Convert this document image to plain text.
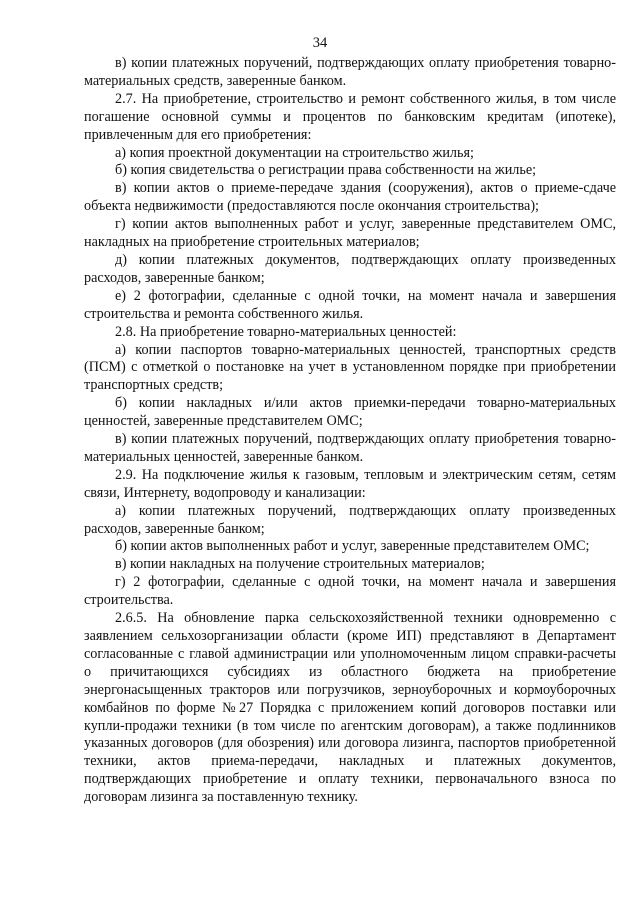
34

в) копии платежных поручений, подтверждающих оплату приобретения товарно-материальных средств, заверенные банком.

2.7. На приобретение, строительство и ремонт собственного жилья, в том числе погашение основной суммы и процентов по банковским кредитам (ипотеке), привлеченным для его приобретения:

а) копия проектной документации на строительство жилья;

б) копия свидетельства о регистрации права собственности на жилье;

в) копии актов о приеме-передаче здания (сооружения), актов о приеме-сдаче объекта недвижимости (предоставляются после окончания строительства);

г) копии актов выполненных работ и услуг, заверенные представителем ОМС, накладных на приобретение строительных материалов;

д) копии платежных документов, подтверждающих оплату произведенных расходов, заверенные банком;

е) 2 фотографии, сделанные с одной точки, на момент начала и завершения строительства и ремонта собственного жилья.

2.8. На приобретение товарно-материальных ценностей:

а) копии паспортов товарно-материальных ценностей, транспортных средств (ПСМ) с отметкой о постановке на учет в установленном порядке при приобретении транспортных средств;

б) копии накладных и/или актов приемки-передачи товарно-материальных ценностей, заверенные представителем ОМС;

в) копии платежных поручений, подтверждающих оплату приобретения товарно-материальных ценностей, заверенные банком.

2.9. На подключение жилья к газовым, тепловым и электрическим сетям, сетям связи, Интернету, водопроводу и канализации:

а) копии платежных поручений, подтверждающих оплату произведенных расходов, заверенные банком;

б) копии актов выполненных работ и услуг, заверенные представителем ОМС;

в) копии накладных на получение строительных материалов;

г) 2 фотографии, сделанные с одной точки, на момент начала и завершения строительства.

2.6.5. На обновление парка сельскохозяйственной техники одновременно с заявлением сельхозорганизации области (кроме ИП) представляют в Департамент согласованные с главой администрации или уполномоченным лицом справки-расчеты о причитающихся субсидиях из областного бюджета на приобретение энергонасыщенных тракторов или погрузчиков, зерноуборочных и кормоуборочных комбайнов по форме №27 Порядка с приложением копий договоров поставки или купли-продажи техники (в том числе по агентским договорам), а также подлинников указанных договоров (для обозрения) или договора лизинга, паспортов приобретенной техники, актов приема-передачи, накладных и платежных документов, подтверждающих приобретение и оплату техники, первоначального взноса по договорам лизинга за поставленную технику.
